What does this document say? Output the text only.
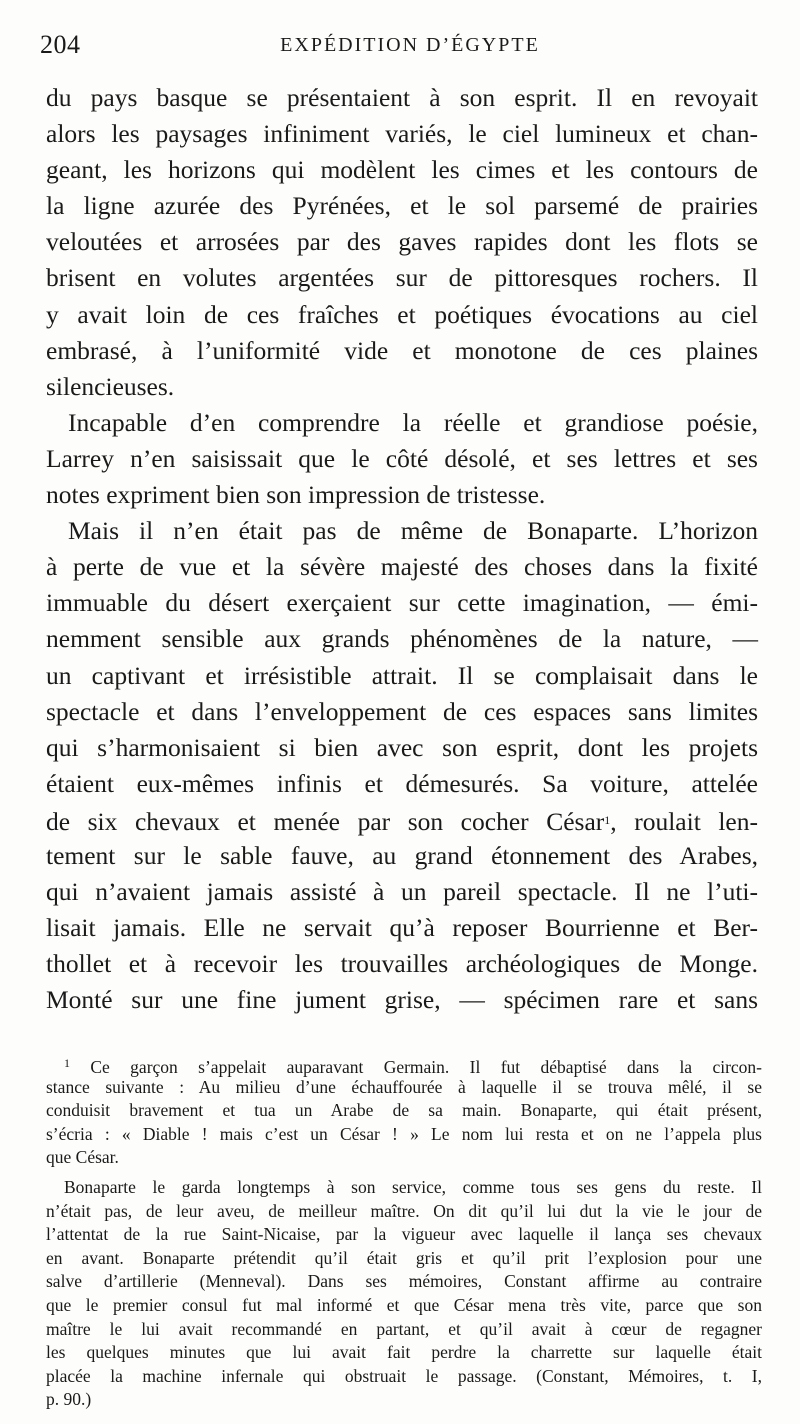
204	EXPÉDITION D’ÉGYPTE
du pays basque se présentaient à son esprit. Il en revoyait
alors les paysages infiniment variés, le ciel lumineux et chan-
geant, les horizons qui modèlent les cimes et les contours de
la ligne azurée des Pyrénées, et le sol parsemé de prairies
veloutées et arrosées par des gaves rapides dont les flots se
brisent en volutes argentées sur de pittoresques rochers. Il
y avait loin de ces fraîches et poétiques évocations au ciel
embrasé, à l’uniformité vide et monotone de ces plaines
silencieuses.
Incapable d’en comprendre la réelle et grandiose poésie,
Larrey n’en saisissait que le côté désolé, et ses lettres et ses
notes expriment bien son impression de tristesse.
Mais il n’en était pas de même de Bonaparte. L’horizon
à perte de vue et la sévère majesté des choses dans la fixité
immuable du désert exerçaient sur cette imagination, — émi-
nemment sensible aux grands phénomènes de la nature, —
un captivant et irrésistible attrait. Il se complaisait dans le
spectacle et dans l’enveloppement de ces espaces sans limites
qui s’harmonisaient si bien avec son esprit, dont les projets
étaient eux-mêmes infinis et démesurés. Sa voiture, attelée
de six chevaux et menée par son cocher César$^1$, roulait len-
tement sur le sable fauve, au grand étonnement des Arabes,
qui n’avaient jamais assisté à un pareil spectacle. Il ne l’uti-
lisait jamais. Elle ne servait qu’à reposer Bourrienne et Ber-
thollet et à recevoir les trouvailles archéologiques de Monge.
Monté sur une fine jument grise, — spécimen rare et sans
$^1$ Ce garçon s’appelait auparavant Germain. Il fut débaptisé dans la circon-
stance suivante : Au milieu d’une échauffourée à laquelle il se trouva mêlé, il se
conduisit bravement et tua un Arabe de sa main. Bonaparte, qui était présent,
s’écria : « Diable ! mais c’est un César ! » Le nom lui resta et on ne l’appela plus
que César.
Bonaparte le garda longtemps à son service, comme tous ses gens du reste. Il
n’était pas, de leur aveu, de meilleur maître. On dit qu’il lui dut la vie le jour de
l’attentat de la rue Saint-Nicaise, par la vigueur avec laquelle il lança ses chevaux
en avant. Bonaparte prétendit qu’il était gris et qu’il prit l’explosion pour une
salve d’artillerie (Menneval). Dans ses mémoires, Constant affirme au contraire
que le premier consul fut mal informé et que César mena très vite, parce que son
maître le lui avait recommandé en partant, et qu’il avait à cœur de regagner
les quelques minutes que lui avait fait perdre la charrette sur laquelle était
placée la machine infernale qui obstruait le passage. (Constant, Mémoires, t. I,
p. 90.)
